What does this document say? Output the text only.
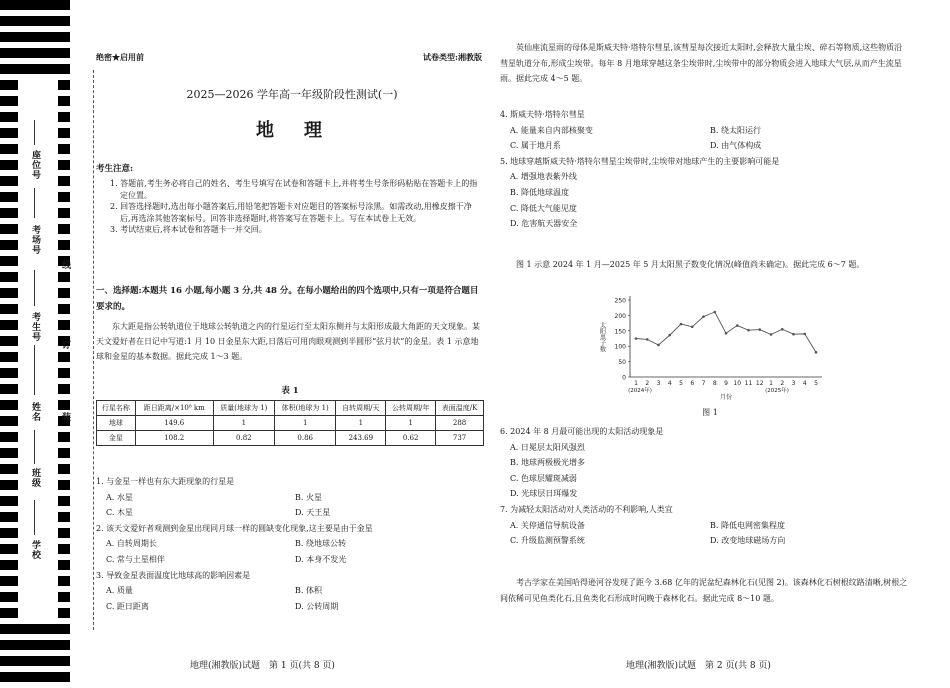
座位号
考场号
考生号
姓名
班级
学校
线
订
装
绝密★启用前	试卷类型:湘教版
2025—2026 学年高一年级阶段性测试(一)
地　理
考生注意:

1. 答题前,考生务必将自己的姓名、考生号填写在试卷和答题卡上,并将考生号条形码粘贴在答题卡上的指定位置。

2. 回答选择题时,选出每小题答案后,用铅笔把答题卡对应题目的答案标号涂黑。如需改动,用橡皮擦干净后,再选涂其他答案标号。回答非选择题时,将答案写在答题卡上。写在本试卷上无效。

3. 考试结束后,将本试卷和答题卡一并交回。

一、选择题:本题共 16 小题,每小题 3 分,共 48 分。在每小题给出的四个选项中,只有一项是符合题目要求的。

东大距是指公转轨道位于地球公转轨道之内的行星运行至太阳东侧并与太阳形成最大角距的天文现象。某天文爱好者在日记中写道:1 月 10 日金星东大距,日落后可用肉眼观测到半圆形“弦月状”的金星。表 1 示意地球和金星的基本数据。据此完成 1～3 题。

表 1
行星名称	距日距离/×10⁸ km	质量(地球为 1)	体积(地球为 1)	自转周期/天	公转周期/年	表面温度/K
地球	149.6	1	1	1	1	288
金星	108.2	0.82	0.86	243.69	0.62	737

1. 与金星一样也有东大距现象的行星是

A. 水星	B. 火星
C. 木星	D. 天王星

2. 该天文爱好者观测到金星出现同月球一样的圆缺变化现象,这主要是由于金星

A. 自转周期长	B. 绕地球公转
C. 常与土星相伴	D. 本身不发光

3. 导致金星表面温度比地球高的影响因素是

A. 质量	B. 体积
C. 距日距离	D. 公转周期
地理(湘教版)试题　第 1 页(共 8 页)

英仙座流星雨的母体是斯威夫特·塔特尔彗星,该彗星每次接近太阳时,会释放大量尘埃、碎石等物质,这些物质沿彗星轨道分布,形成尘埃带。每年 8 月地球穿越这条尘埃带时,尘埃带中的部分物质会进入地球大气层,从而产生流星雨。据此完成 4～5 题。

4. 斯威夫特·塔特尔彗星

A. 能量来自内部核聚变	B. 绕太阳运行
C. 属于地月系	D. 由气体构成

5. 地球穿越斯威夫特·塔特尔彗星尘埃带时,尘埃带对地球产生的主要影响可能是

A. 增强地表紫外线

B. 降低地球温度

C. 降低大气能见度

D. 危害航天器安全

图 1 示意 2024 年 1 月—2025 年 5 月太阳黑子数变化情况(峰值尚未确定)。据此完成 6～7 题。

0
50
100
150
200
250
太阳黑子数
1 2 3 4 5 6 7 8 9 10 11 12 1 2 3 4 5
(2024年)	(2025年)
月份
图 1

6. 2024 年 8 月最可能出现的太阳活动现象是

A. 日冕层太阳风强烈

B. 地球两极极光增多

C. 色球层耀斑减弱

D. 光球层日珥爆发

7. 为减轻太阳活动对人类活动的不利影响,人类宜

A. 关停通信导航设备	B. 降低电网密集程度
C. 升级监测预警系统	D. 改变地球磁场方向

考古学家在美国哈得逊河谷发现了距今 3.68 亿年的泥盆纪森林化石(见图 2)。该森林化石树根纹路清晰,树根之间依稀可见鱼类化石,且鱼类化石形成时间晚于森林化石。据此完成 8～10 题。

地理(湘教版)试题　第 2 页(共 8 页)
